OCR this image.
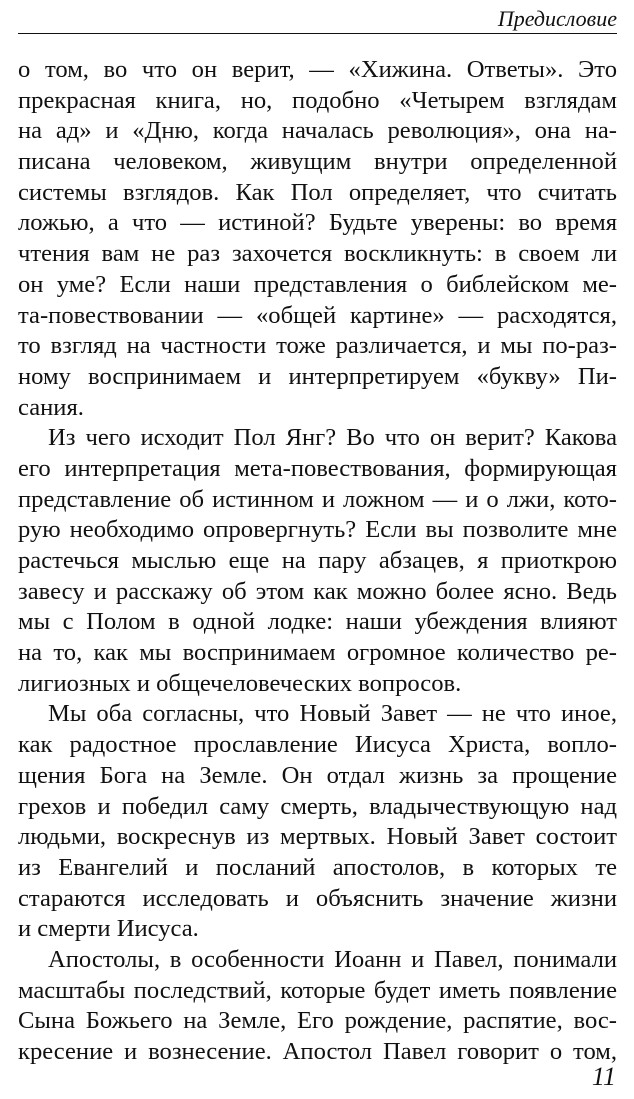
Предисловие
о том, во что он верит, — «Хижина. Ответы». Это
прекрасная книга, но, подобно «Четырем взглядам
на ад» и «Дню, когда началась революция», она на-
писана человеком, живущим внутри определенной
системы взглядов. Как Пол определяет, что считать
ложью, а что — истиной? Будьте уверены: во время
чтения вам не раз захочется воскликнуть: в своем ли
он уме? Если наши представления о библейском ме-
та-повествовании — «общей картине» — расходятся,
то взгляд на частности тоже различается, и мы по-раз-
ному воспринимаем и интерпретируем «букву» Пи-
сания.
Из чего исходит Пол Янг? Во что он верит? Какова
его интерпретация мета-повествования, формирующая
представление об истинном и ложном — и о лжи, кото-
рую необходимо опровергнуть? Если вы позволите мне
растечься мыслью еще на пару абзацев, я приоткрою
завесу и расскажу об этом как можно более ясно. Ведь
мы с Полом в одной лодке: наши убеждения влияют
на то, как мы воспринимаем огромное количество ре-
лигиозных и общечеловеческих вопросов.
Мы оба согласны, что Новый Завет — не что иное,
как радостное прославление Иисуса Христа, вопло-
щения Бога на Земле. Он отдал жизнь за прощение
грехов и победил саму смерть, владычествующую над
людьми, воскреснув из мертвых. Новый Завет состоит
из Евангелий и посланий апостолов, в которых те
стараются исследовать и объяснить значение жизни
и смерти Иисуса.
Апостолы, в особенности Иоанн и Павел, понимали
масштабы последствий, которые будет иметь появление
Сына Божьего на Земле, Его рождение, распятие, вос-
кресение и вознесение. Апостол Павел говорит о том,
11
